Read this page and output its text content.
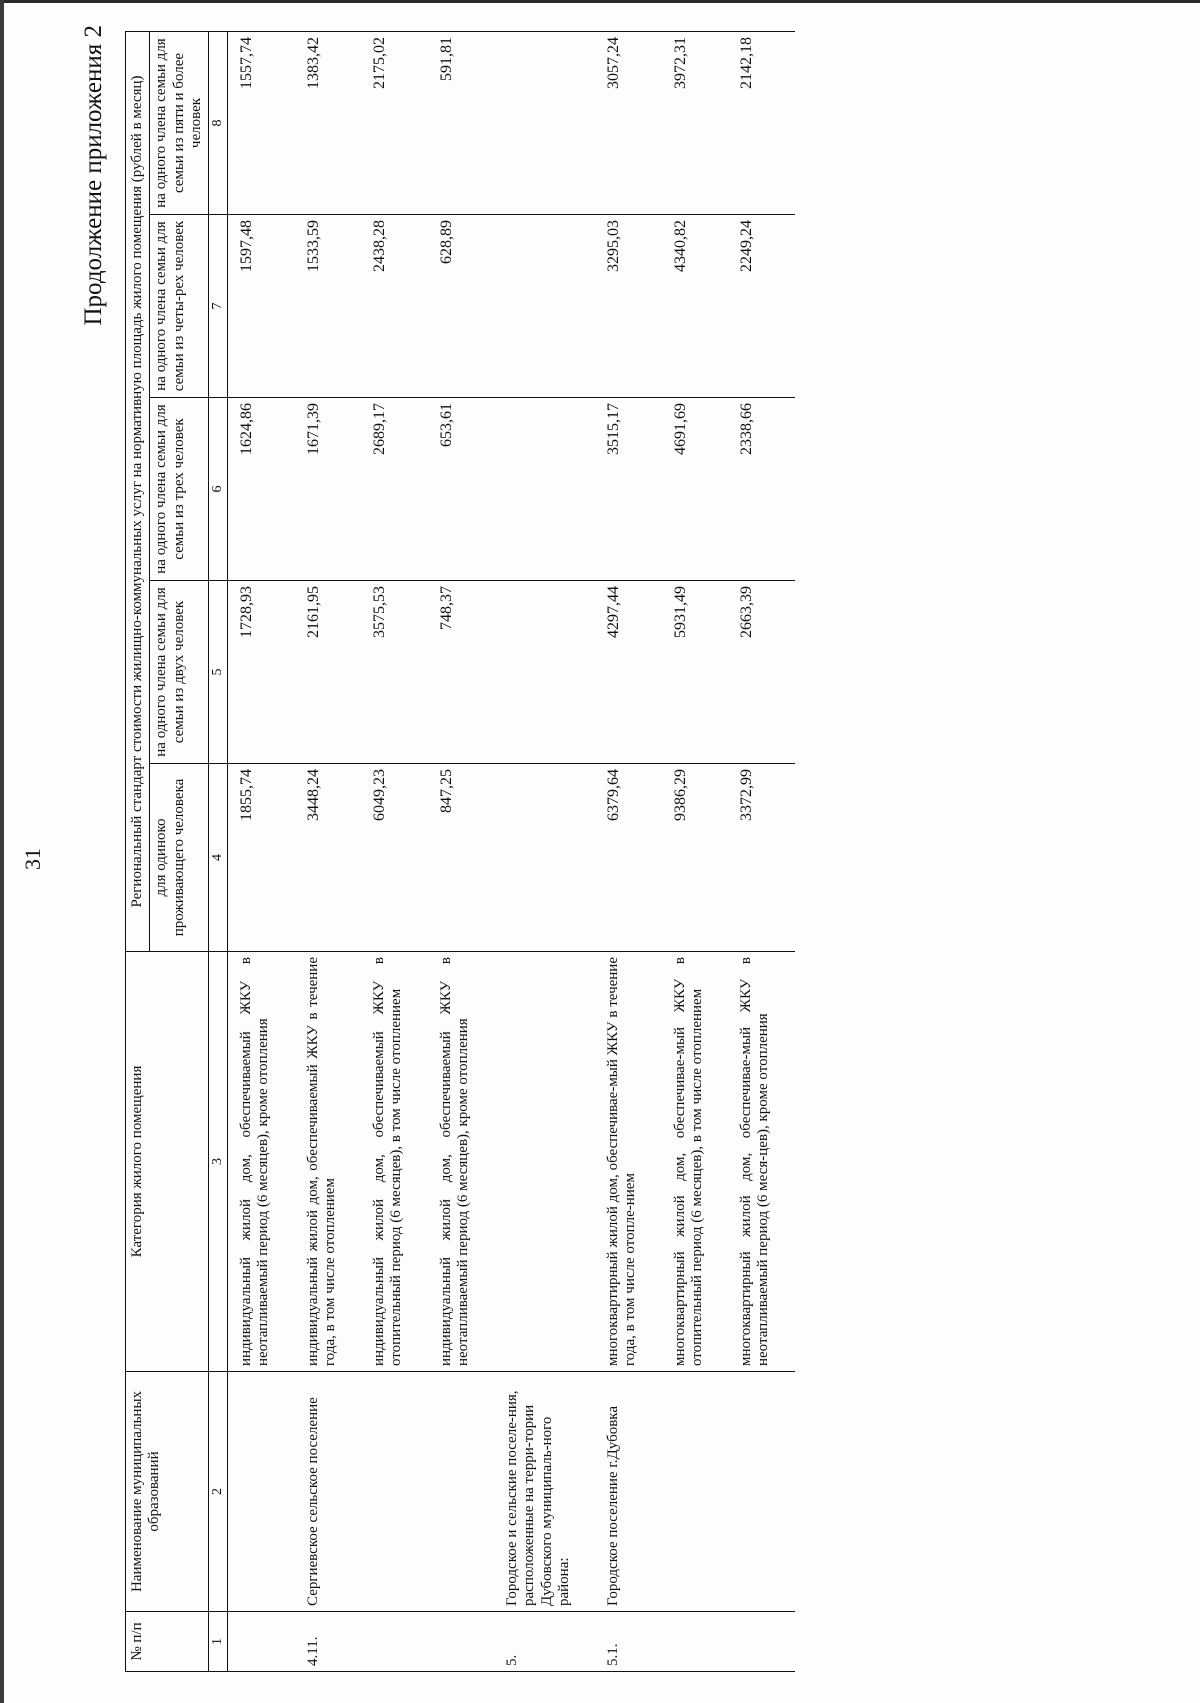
31
Продолжение приложения 2
№ п/п	Наименование муниципальных образований	Категория жилого помещения	Региональный стандарт стоимости жилищно-коммунальных услуг на нормативную площадь жилого помещения (рублей в месяц)				
			для одиноко проживающего человека	на одного члена семьи для семьи из двух человек	на одного члена семьи для семьи из трех человек	на одного члена семьи для семьи из четы-рех человек	на одного члена семьи для семьи из пяти и более человек
1	2	3	4	5	6	7	8
		индивидуальный жилой дом, обеспечиваемый ЖКУ в неотапливаемый период (6 месяцев), кроме отопления	1855,74	1728,93	1624,86	1597,48	1557,74
4.11.	Сергиевское сельское поселение	индивидуальный жилой дом, обеспечиваемый ЖКУ в течение года, в том числе отоплением	3448,24	2161,95	1671,39	1533,59	1383,42
		индивидуальный жилой дом, обеспечиваемый ЖКУ в отопительный период (6 месяцев), в том числе отоплением	6049,23	3575,53	2689,17	2438,28	2175,02
		индивидуальный жилой дом, обеспечиваемый ЖКУ в неотапливаемый период (6 месяцев), кроме отопления	847,25	748,37	653,61	628,89	591,81
5.	Городское и сельские поселе-ния, расположенные на терри-тории Дубовского муниципаль-ного района:						
5.1.	Городское поселение г.Дубовка	многоквартирный жилой дом, обеспечивае-мый ЖКУ в течение года, в том числе отопле-нием	6379,64	4297,44	3515,17	3295,03	3057,24
		многоквартирный жилой дом, обеспечивае-мый ЖКУ в отопительный период (6 месяцев), в том числе отоплением	9386,29	5931,49	4691,69	4340,82	3972,31
		многоквартирный жилой дом, обеспечивае-мый ЖКУ в неотапливаемый период (6 меся-цев), кроме отопления	3372,99	2663,39	2338,66	2249,24	2142,18
